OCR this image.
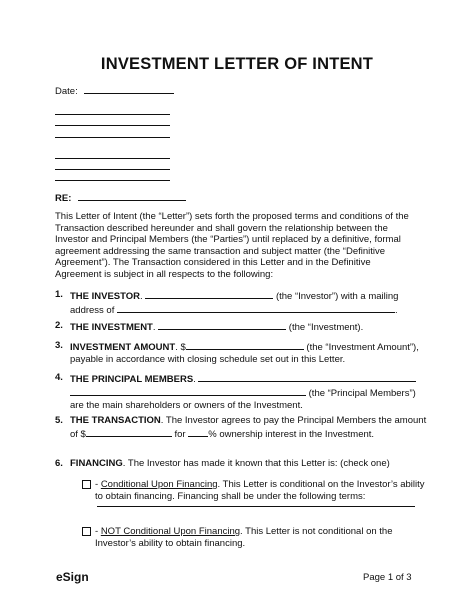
INVESTMENT LETTER OF INTENT
Date:
RE:
This Letter of Intent (the “Letter”) sets forth the proposed terms and conditions of the Transaction described hereunder and shall govern the relationship between the Investor and Principal Members (the “Parties”) until replaced by a definitive, formal agreement addressing the same transaction and subject matter (the “Definitive Agreement”). The Transaction considered in this Letter and in the Definitive Agreement is subject in all respects to the following:
1. THE INVESTOR.	(the “Investor”) with a mailing address of	.
2. THE INVESTMENT.	(the “Investment).
3. INVESTMENT AMOUNT. $	(the “Investment Amount”), payable in accordance with closing schedule set out in this Letter.
4. THE PRINCIPAL MEMBERS.
(the “Principal Members”) are the main shareholders or owners of the Investment.
5. THE TRANSACTION. The Investor agrees to pay the Principal Members the amount of $	for % ownership interest in the Investment.
6. FINANCING. The Investor has made it known that this Letter is: (check one)
- Conditional Upon Financing. This Letter is conditional on the Investor’s ability to obtain financing. Financing shall be under the following terms:
- NOT Conditional Upon Financing. This Letter is not conditional on the Investor’s ability to obtain financing.
eSign	Page 1 of 3
